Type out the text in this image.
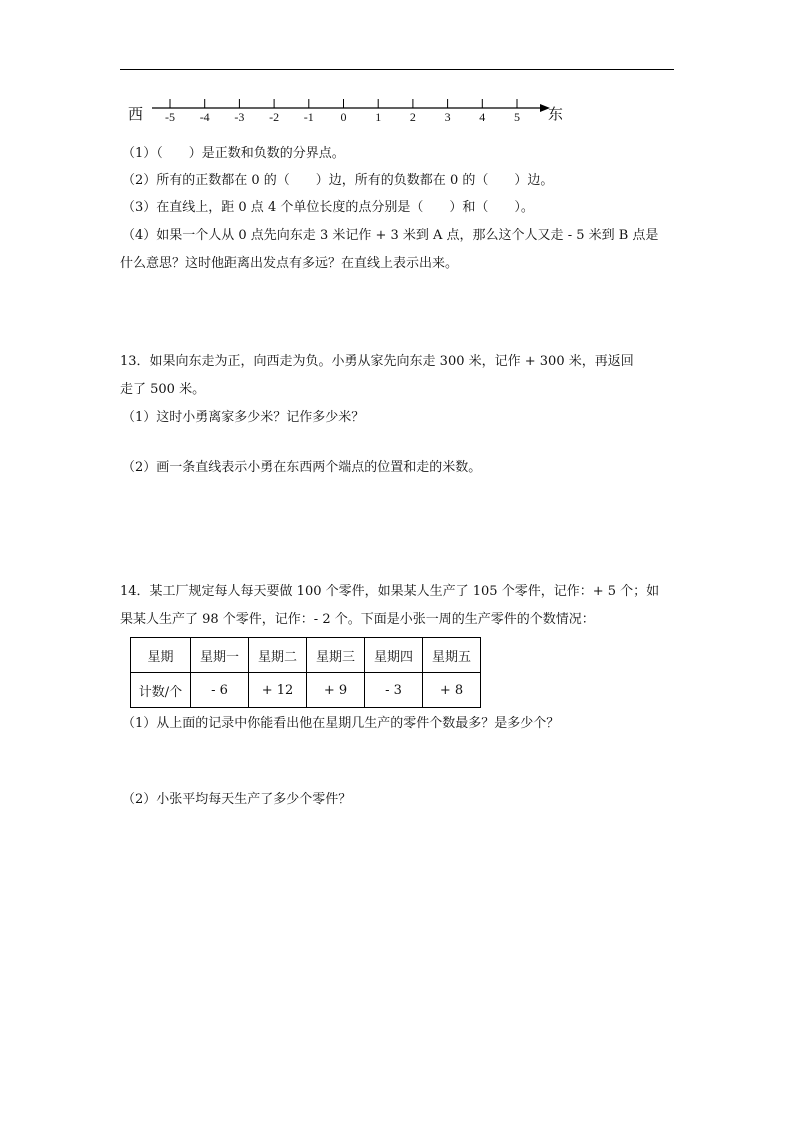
西	东
-5	-4	-3	-2	-1	0	1	2	3	4	5
（1）（　　）是正数和负数的分界点。
（2）所有的正数都在 0 的（　　）边，所有的负数都在 0 的（　　）边。
（3）在直线上，距 0 点 4 个单位长度的点分别是（　　）和（　　）。
（4）如果一个人从 0 点先向东走 3 米记作 + 3 米到 A 点，那么这个人又走 - 5 米到 B 点是
什么意思？这时他距离出发点有多远？在直线上表示出来。
13．如果向东走为正，向西走为负。小勇从家先向东走 300 米，记作 + 300 米，再返回
走了 500 米。
（1）这时小勇离家多少米？记作多少米？
（2）画一条直线表示小勇在东西两个端点的位置和走的米数。
14．某工厂规定每人每天要做 100 个零件，如果某人生产了 105 个零件，记作：+ 5 个；如
果某人生产了 98 个零件，记作：- 2 个。下面是小张一周的生产零件的个数情况：
星期	星期一	星期二	星期三	星期四	星期五
计数/个	- 6	+ 12	+ 9	- 3	+ 8
（1）从上面的记录中你能看出他在星期几生产的零件个数最多？是多少个？
（2）小张平均每天生产了多少个零件？
